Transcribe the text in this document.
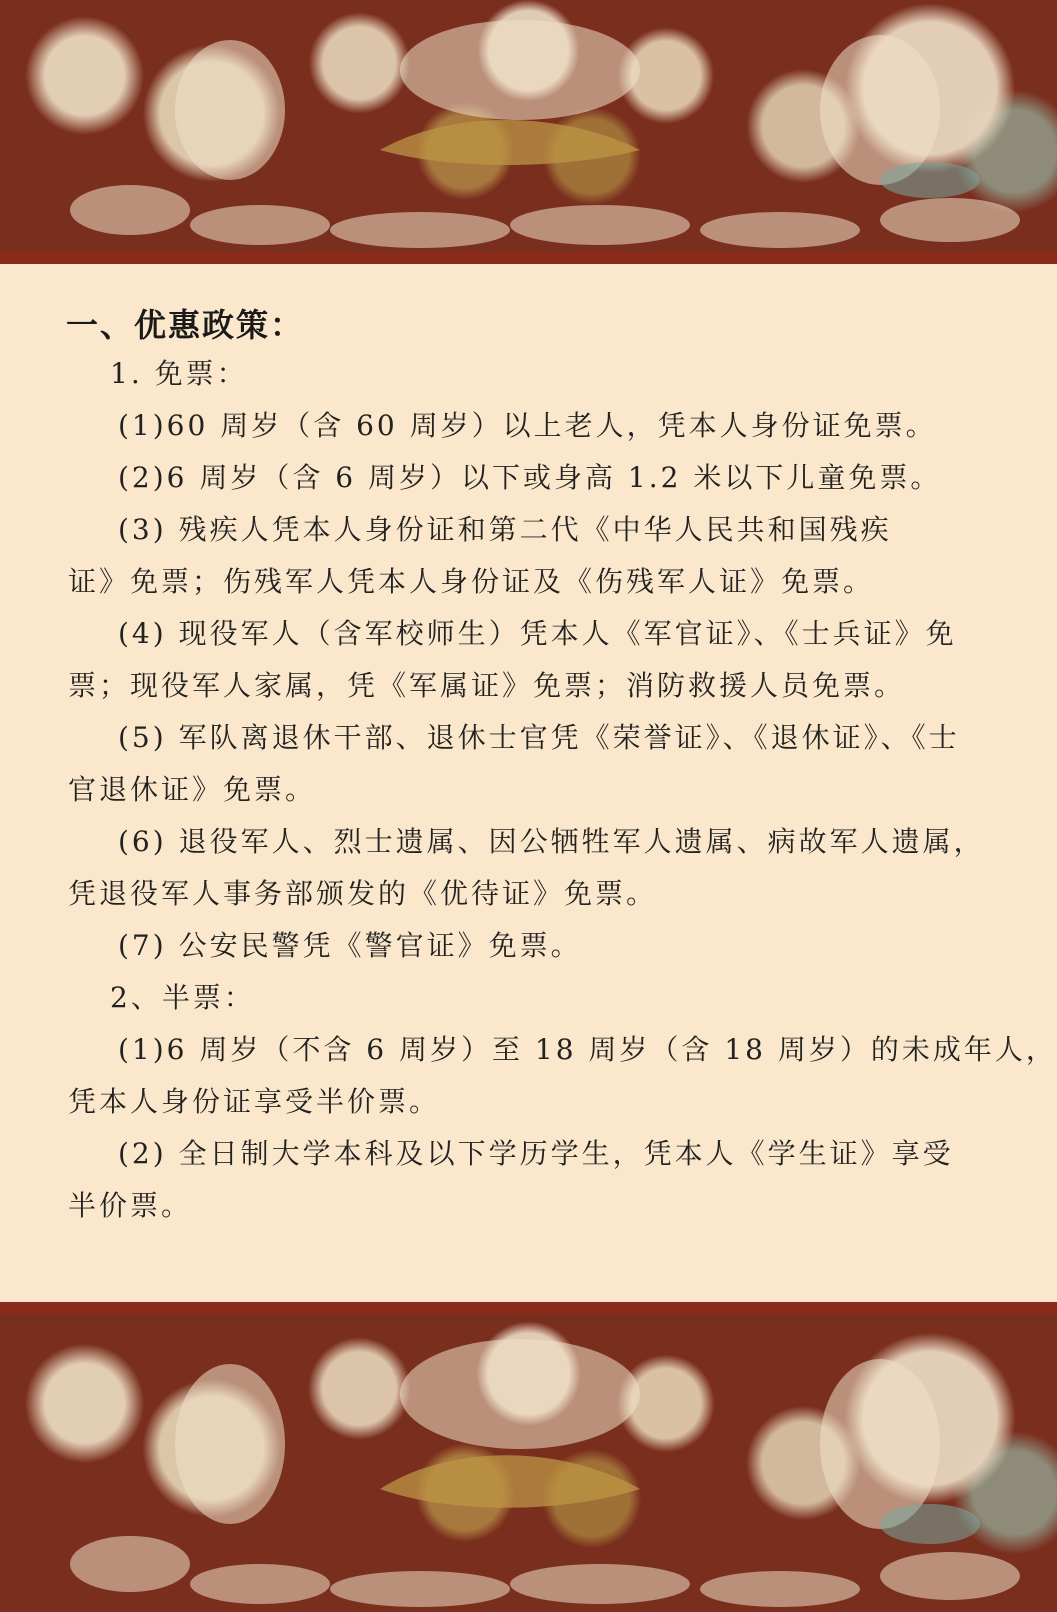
一、优惠政策：

1. 免票：

(1)60 周岁（含 60 周岁）以上老人，凭本人身份证免票。

(2)6 周岁（含 6 周岁）以下或身高 1.2 米以下儿童免票。

(3) 残疾人凭本人身份证和第二代《中华人民共和国残疾

证》免票；伤残军人凭本人身份证及《伤残军人证》免票。

(4) 现役军人（含军校师生）凭本人《军官证》、《士兵证》免

票；现役军人家属，凭《军属证》免票；消防救援人员免票。

(5) 军队离退休干部、退休士官凭《荣誉证》、《退休证》、《士

官退休证》免票。

(6) 退役军人、烈士遗属、因公牺牲军人遗属、病故军人遗属，

凭退役军人事务部颁发的《优待证》免票。

(7) 公安民警凭《警官证》免票。

2、半票：

(1)6 周岁（不含 6 周岁）至 18 周岁（含 18 周岁）的未成年人，

凭本人身份证享受半价票。

(2) 全日制大学本科及以下学历学生，凭本人《学生证》享受

半价票。
